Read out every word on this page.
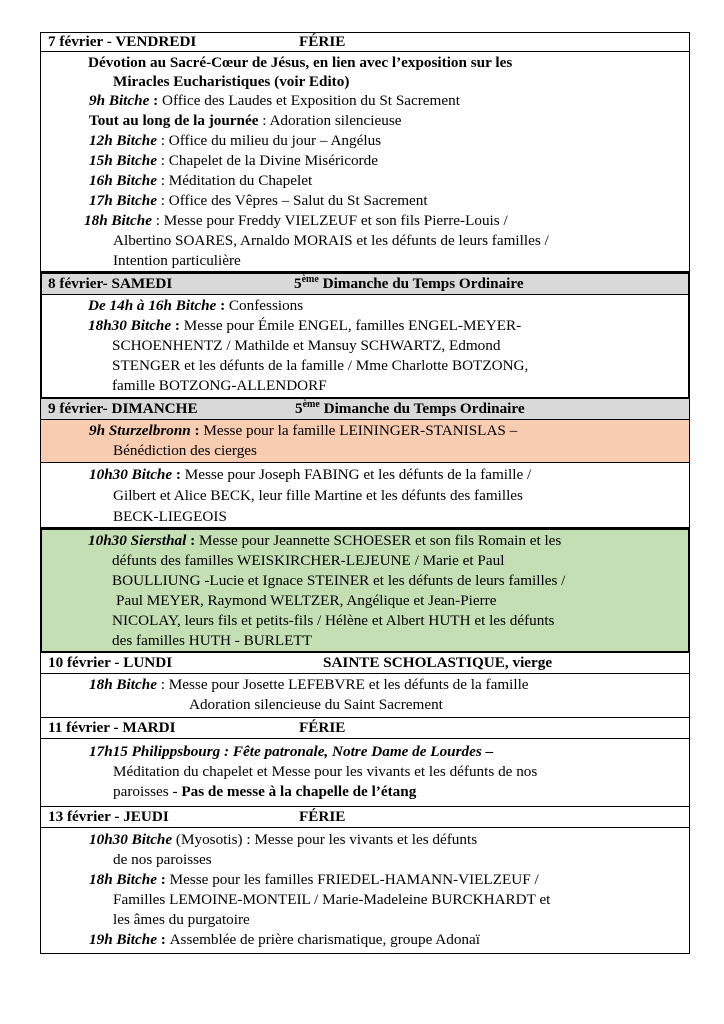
7 février - VENDREDI	FÉRIE
Dévotion au Sacré-Cœur de Jésus, en lien avec l’exposition sur les
Miracles Eucharistiques (voir Edito)
9h Bitche : Office des Laudes et Exposition du St Sacrement
Tout au long de la journée : Adoration silencieuse
12h Bitche : Office du milieu du jour – Angélus
15h Bitche : Chapelet de la Divine Miséricorde
16h Bitche : Méditation du Chapelet
17h Bitche : Office des Vêpres – Salut du St Sacrement
18h Bitche : Messe pour Freddy VIELZEUF et son fils Pierre-Louis /
Albertino SOARES, Arnaldo MORAIS et les défunts de leurs familles /
Intention particulière
8 février- SAMEDI	5ème Dimanche du Temps Ordinaire
De 14h à 16h Bitche : Confessions
18h30 Bitche : Messe pour Émile ENGEL, familles ENGEL-MEYER-
SCHOENHENTZ / Mathilde et Mansuy SCHWARTZ, Edmond
STENGER et les défunts de la famille / Mme Charlotte BOTZONG,
famille BOTZONG-ALLENDORF
9 février- DIMANCHE	5ème Dimanche du Temps Ordinaire
9h Sturzelbronn : Messe pour la famille LEININGER-STANISLAS –
Bénédiction des cierges
10h30 Bitche : Messe pour Joseph FABING et les défunts de la famille /
Gilbert et Alice BECK, leur fille Martine et les défunts des familles
BECK-LIEGEOIS
10h30 Siersthal : Messe pour Jeannette SCHOESER et son fils Romain et les
défunts des familles WEISKIRCHER-LEJEUNE / Marie et Paul
BOULLIUNG -Lucie et Ignace STEINER et les défunts de leurs familles /
Paul MEYER, Raymond WELTZER, Angélique et Jean-Pierre
NICOLAY, leurs fils et petits-fils / Hélène et Albert HUTH et les défunts
des familles HUTH - BURLETT
10 février - LUNDI	SAINTE SCHOLASTIQUE, vierge
18h Bitche : Messe pour Josette LEFEBVRE et les défunts de la famille
Adoration silencieuse du Saint Sacrement
11 février - MARDI	FÉRIE
17h15 Philippsbourg : Fête patronale, Notre Dame de Lourdes –
Méditation du chapelet et Messe pour les vivants et les défunts de nos
paroisses - Pas de messe à la chapelle de l’étang
13 février - JEUDI	FÉRIE
10h30 Bitche (Myosotis) : Messe pour les vivants et les défunts
de nos paroisses
18h Bitche : Messe pour les familles FRIEDEL-HAMANN-VIELZEUF /
Familles LEMOINE-MONTEIL / Marie-Madeleine BURCKHARDT et
les âmes du purgatoire
19h Bitche : Assemblée de prière charismatique, groupe Adonaï
